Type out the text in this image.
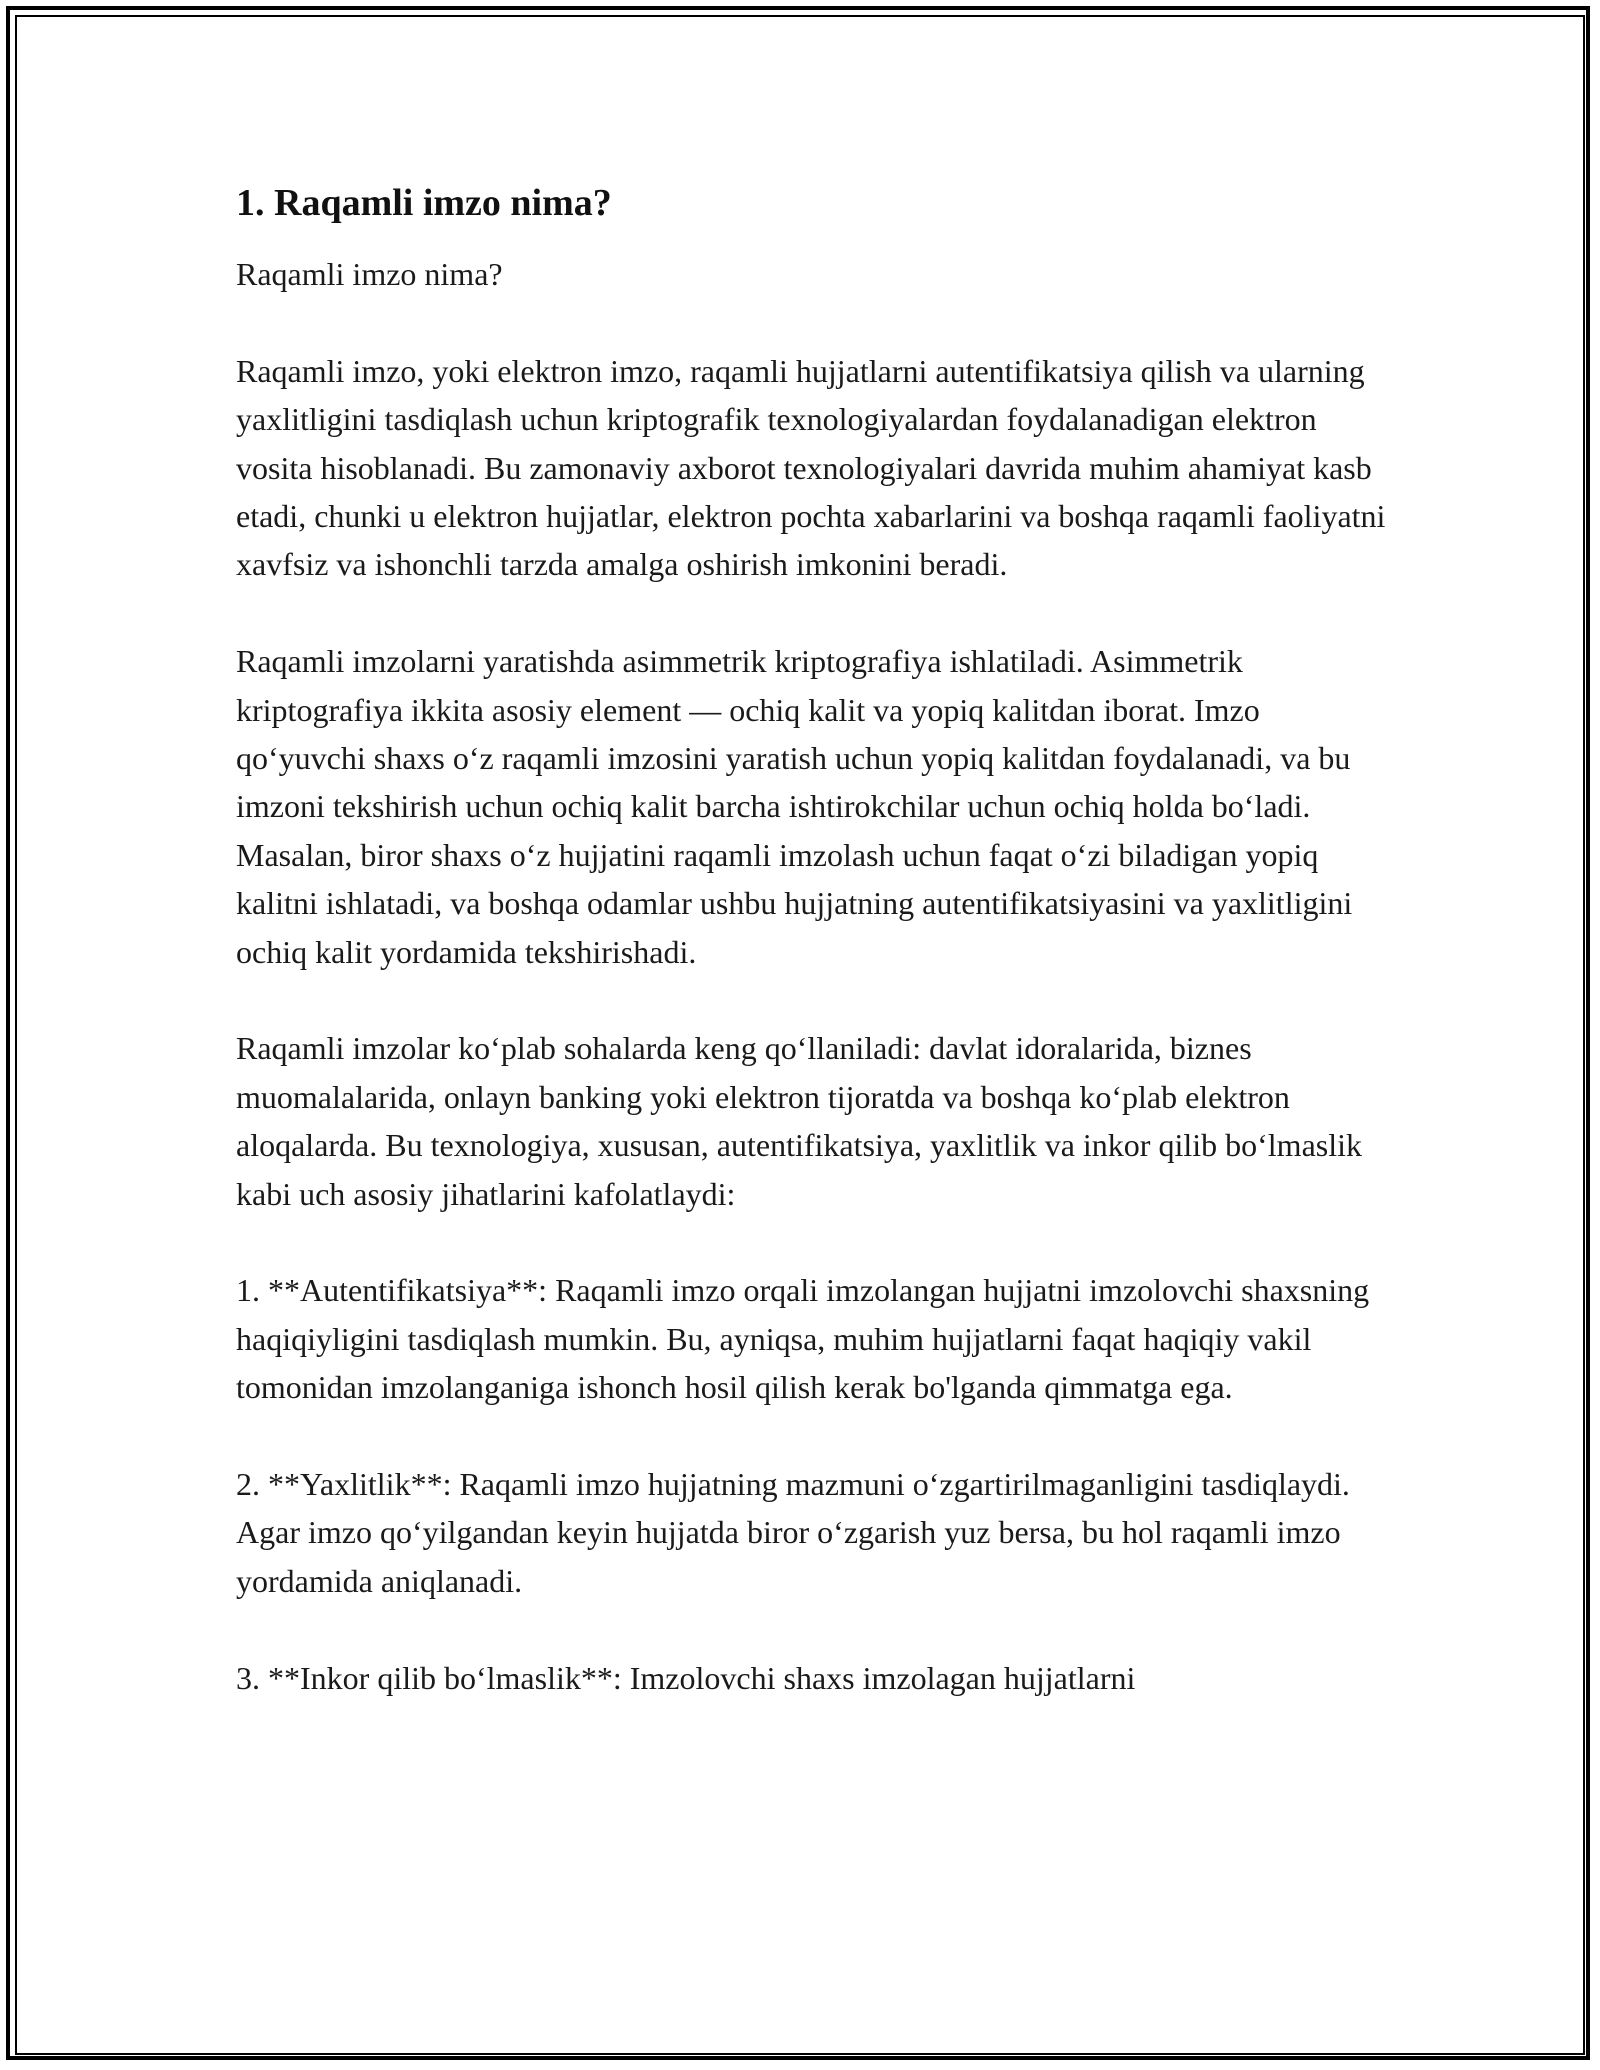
1. Raqamli imzo nima?

Raqamli imzo nima?

Raqamli imzo, yoki elektron imzo, raqamli hujjatlarni autentifikatsiya qilish va ularning yaxlitligini tasdiqlash uchun kriptografik texnologiyalardan foydalanadigan elektron vosita hisoblanadi. Bu zamonaviy axborot texnologiyalari davrida muhim ahamiyat kasb etadi, chunki u elektron hujjatlar, elektron pochta xabarlarini va boshqa raqamli faoliyatni xavfsiz va ishonchli tarzda amalga oshirish imkonini beradi.

Raqamli imzolarni yaratishda asimmetrik kriptografiya ishlatiladi. Asimmetrik kriptografiya ikkita asosiy element — ochiq kalit va yopiq kalitdan iborat. Imzo qo‘yuvchi shaxs o‘z raqamli imzosini yaratish uchun yopiq kalitdan foydalanadi, va bu imzoni tekshirish uchun ochiq kalit barcha ishtirokchilar uchun ochiq holda bo‘ladi. Masalan, biror shaxs o‘z hujjatini raqamli imzolash uchun faqat o‘zi biladigan yopiq kalitni ishlatadi, va boshqa odamlar ushbu hujjatning autentifikatsiyasini va yaxlitligini ochiq kalit yordamida tekshirishadi.

Raqamli imzolar ko‘plab sohalarda keng qo‘llaniladi: davlat idoralarida, biznes muomalalarida, onlayn banking yoki elektron tijoratda va boshqa ko‘plab elektron aloqalarda. Bu texnologiya, xususan, autentifikatsiya, yaxlitlik va inkor qilib bo‘lmaslik kabi uch asosiy jihatlarini kafolatlaydi:

1. **Autentifikatsiya**: Raqamli imzo orqali imzolangan hujjatni imzolovchi shaxsning haqiqiyligini tasdiqlash mumkin. Bu, ayniqsa, muhim hujjatlarni faqat haqiqiy vakil tomonidan imzolanganiga ishonch hosil qilish kerak bo'lganda qimmatga ega.

2. **Yaxlitlik**: Raqamli imzo hujjatning mazmuni o‘zgartirilmaganligini tasdiqlaydi. Agar imzo qo‘yilgandan keyin hujjatda biror o‘zgarish yuz bersa, bu hol raqamli imzo yordamida aniqlanadi.

3. **Inkor qilib bo‘lmaslik**: Imzolovchi shaxs imzolagan hujjatlarni
